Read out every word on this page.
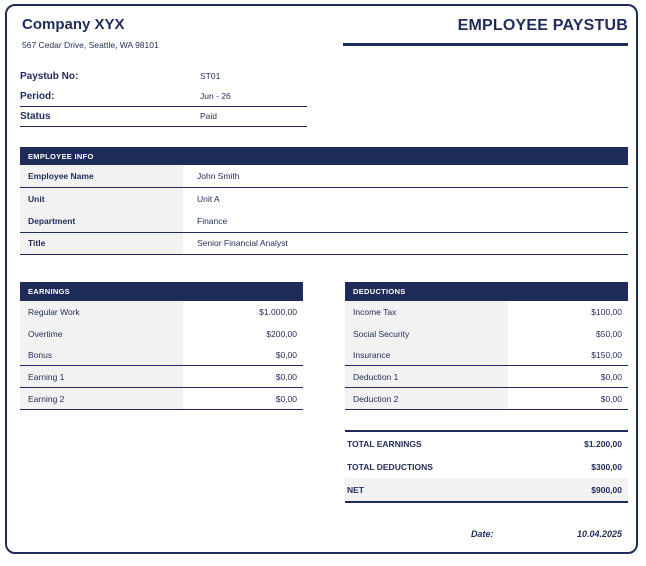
Company XYX
567 Cedar Drive, Seattle, WA 98101
EMPLOYEE PAYSTUB
Paystub No:	ST01
Period:	Jun - 26
Status	Paid
EMPLOYEE INFO
Employee Name	John Smith
Unit	Unit A
Department	Finance
Title	Senior Financial Analyst
EARNINGS
Regular Work	$1.000,00
Overtime	$200,00
Bonus	$0,00
Earning 1	$0,00
Earning 2	$0,00
DEDUCTIONS
Income Tax	$100,00
Social Security	$50,00
Insurance	$150,00
Deduction 1	$0,00
Deduction 2	$0,00
TOTAL EARNINGS	$1.200,00
TOTAL DEDUCTIONS	$300,00
NET	$900,00
Date:	10.04.2025
